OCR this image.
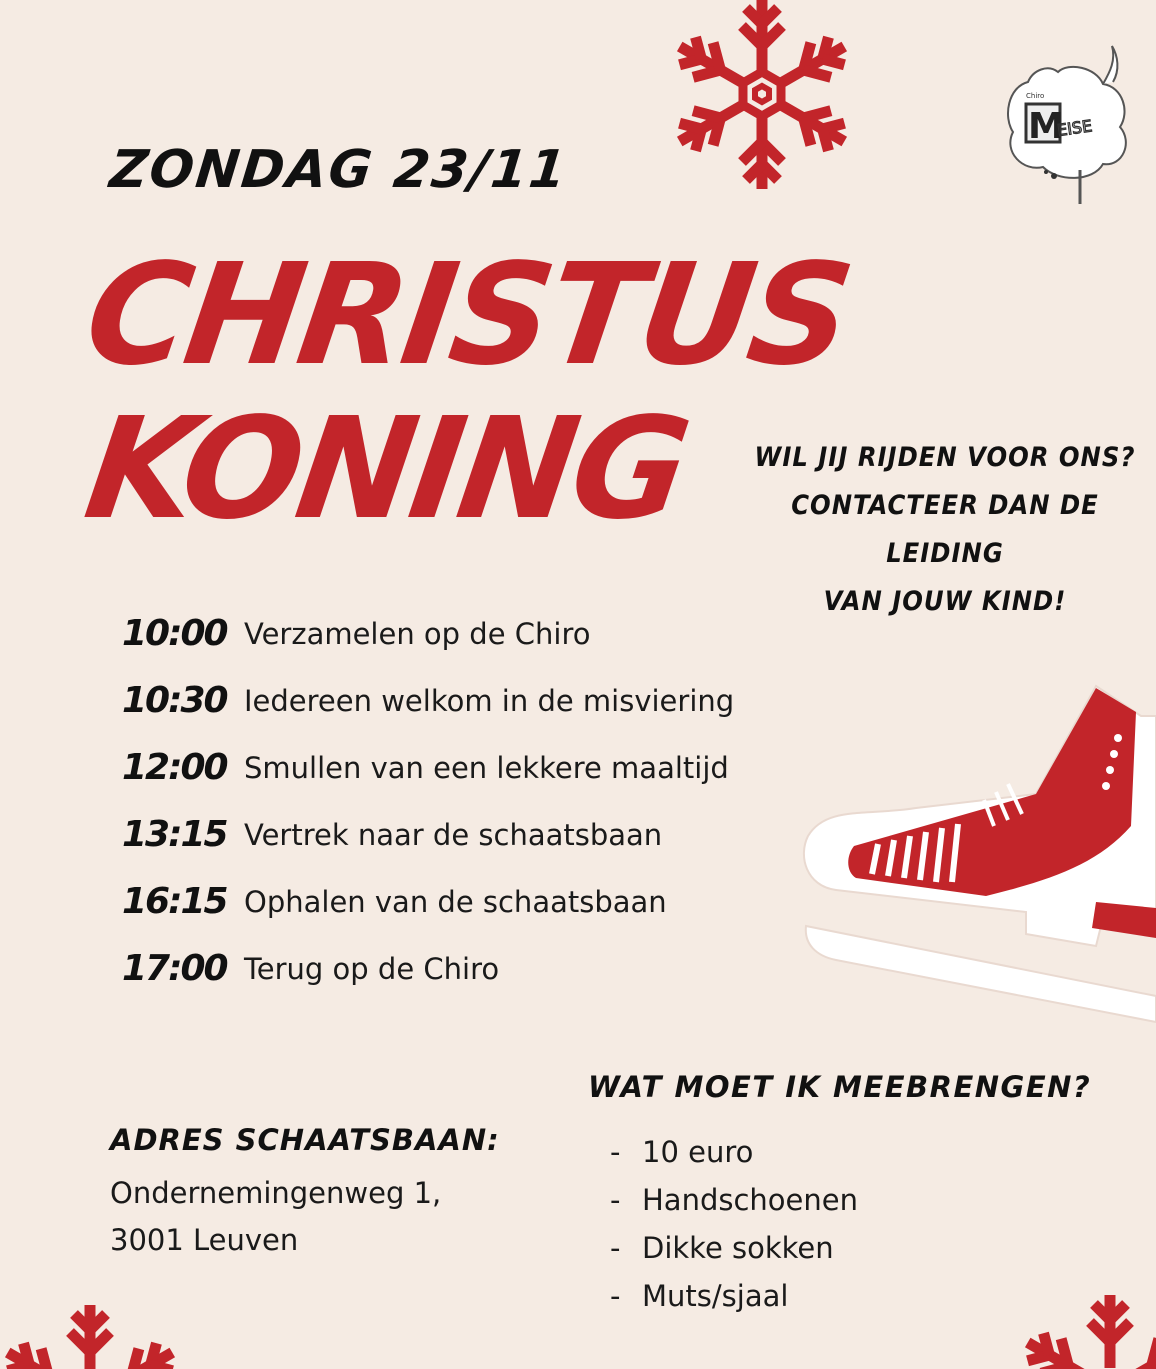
Chiro
M
EISE
ZONDAG 23/11
CHRISTUS
KONING	WIL JIJ RIJDEN VOOR ONS?
CONTACTEER DAN DE LEIDING
VAN JOUW KIND!
10:00 Verzamelen op de Chiro
10:30 Iedereen welkom in de misviering
12:00 Smullen van een lekkere maaltijd
13:15 Vertrek naar de schaatsbaan
16:15 Ophalen van de schaatsbaan
17:00 Terug op de Chiro
ADRES SCHAATSBAAN:
Ondernemingenweg 1,
3001 Leuven
WAT MOET IK MEEBRENGEN?
- 10 euro
- Handschoenen
- Dikke sokken
- Muts/sjaal
